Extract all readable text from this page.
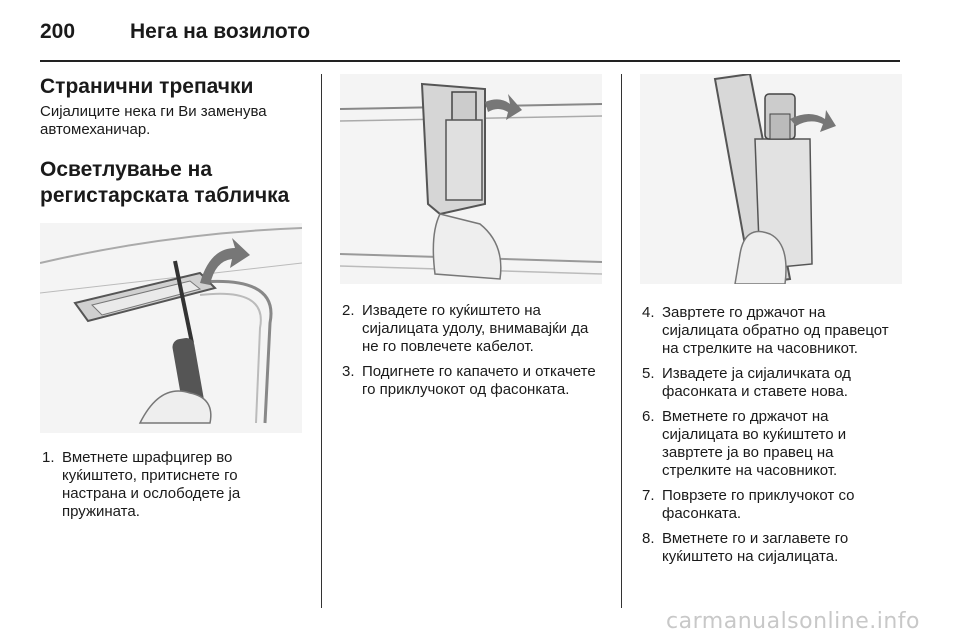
200	Нега на возилото
Странични трепачки

Сијалиците нека ги Ви заменува автомеханичар.

Осветлување на регистарската табличка
1. Вметнете шрафцигер во куќиштето, притиснете го настрана и ослободете ја пружината.
2. Извадете го куќиштето на сијалицата удолу, внимавајќи да не го повлечете кабелот.
3. Подигнете го капачето и откачете го приклучокот од фасонката.
4. Завртете го држачот на сијалицата обратно од правецот на стрелките на часовникот.
5. Извадете ја сијаличката од фасонката и ставете нова.
6. Вметнете го држачот на сијалицата во куќиштето и завртете ја во правец на стрелките на часовникот.
7. Поврзете го приклучокот со фасонката.
8. Вметнете го и заглавете го куќиштето на сијалицата.
carmanualsonline.info
